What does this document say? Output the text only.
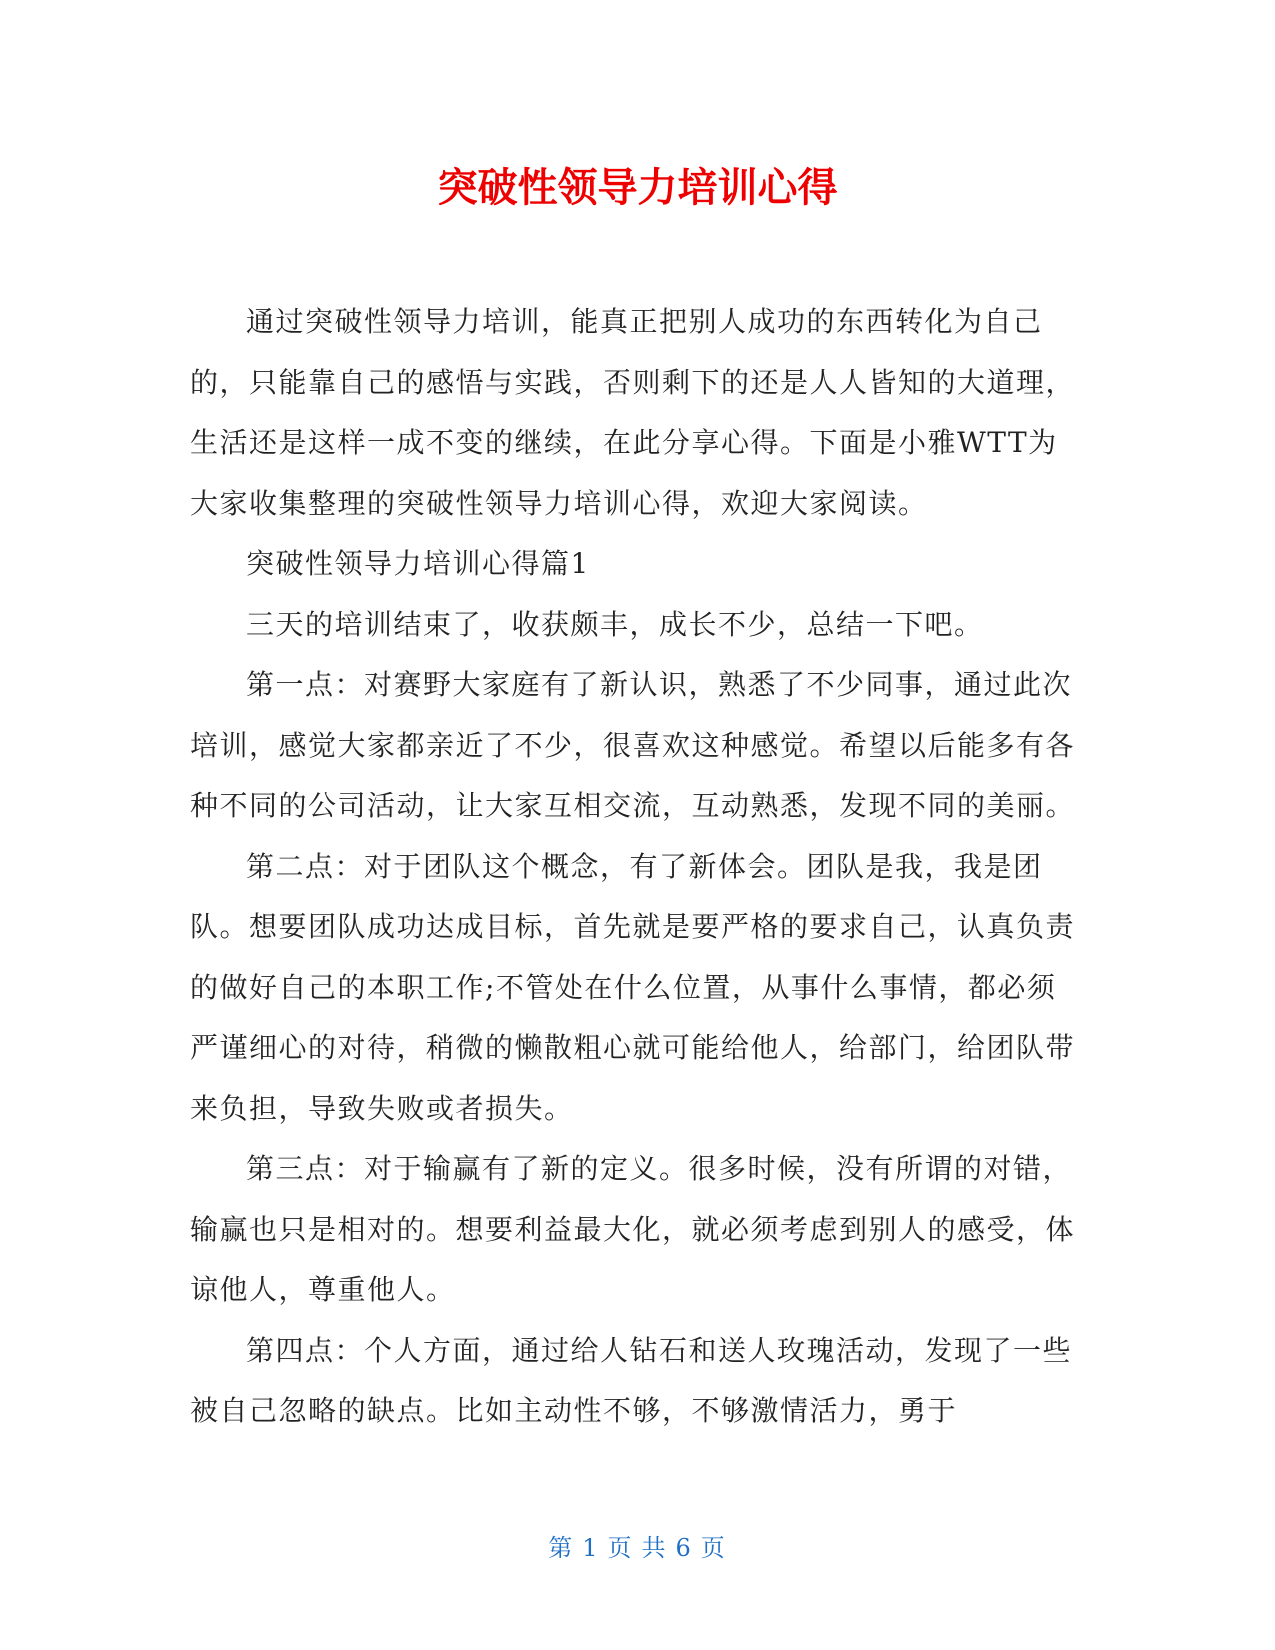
突破性领导力培训心得

通过突破性领导力培训，能真正把别人成功的东西转化为自己的，只能靠自己的感悟与实践，否则剩下的还是人人皆知的大道理，生活还是这样一成不变的继续，在此分享心得。下面是小雅WTT为大家收集整理的突破性领导力培训心得，欢迎大家阅读。

突破性领导力培训心得篇1

三天的培训结束了，收获颇丰，成长不少，总结一下吧。

第一点：对赛野大家庭有了新认识，熟悉了不少同事，通过此次培训，感觉大家都亲近了不少，很喜欢这种感觉。希望以后能多有各种不同的公司活动，让大家互相交流，互动熟悉，发现不同的美丽。

第二点：对于团队这个概念，有了新体会。团队是我，我是团队。想要团队成功达成目标，首先就是要严格的要求自己，认真负责的做好自己的本职工作;不管处在什么位置，从事什么事情，都必须严谨细心的对待，稍微的懒散粗心就可能给他人，给部门，给团队带来负担，导致失败或者损失。

第三点：对于输赢有了新的定义。很多时候，没有所谓的对错，输赢也只是相对的。想要利益最大化，就必须考虑到别人的感受，体谅他人，尊重他人。

第四点：个人方面，通过给人钻石和送人玫瑰活动，发现了一些被自己忽略的缺点。比如主动性不够，不够激情活力，勇于

第 1 页 共 6 页
